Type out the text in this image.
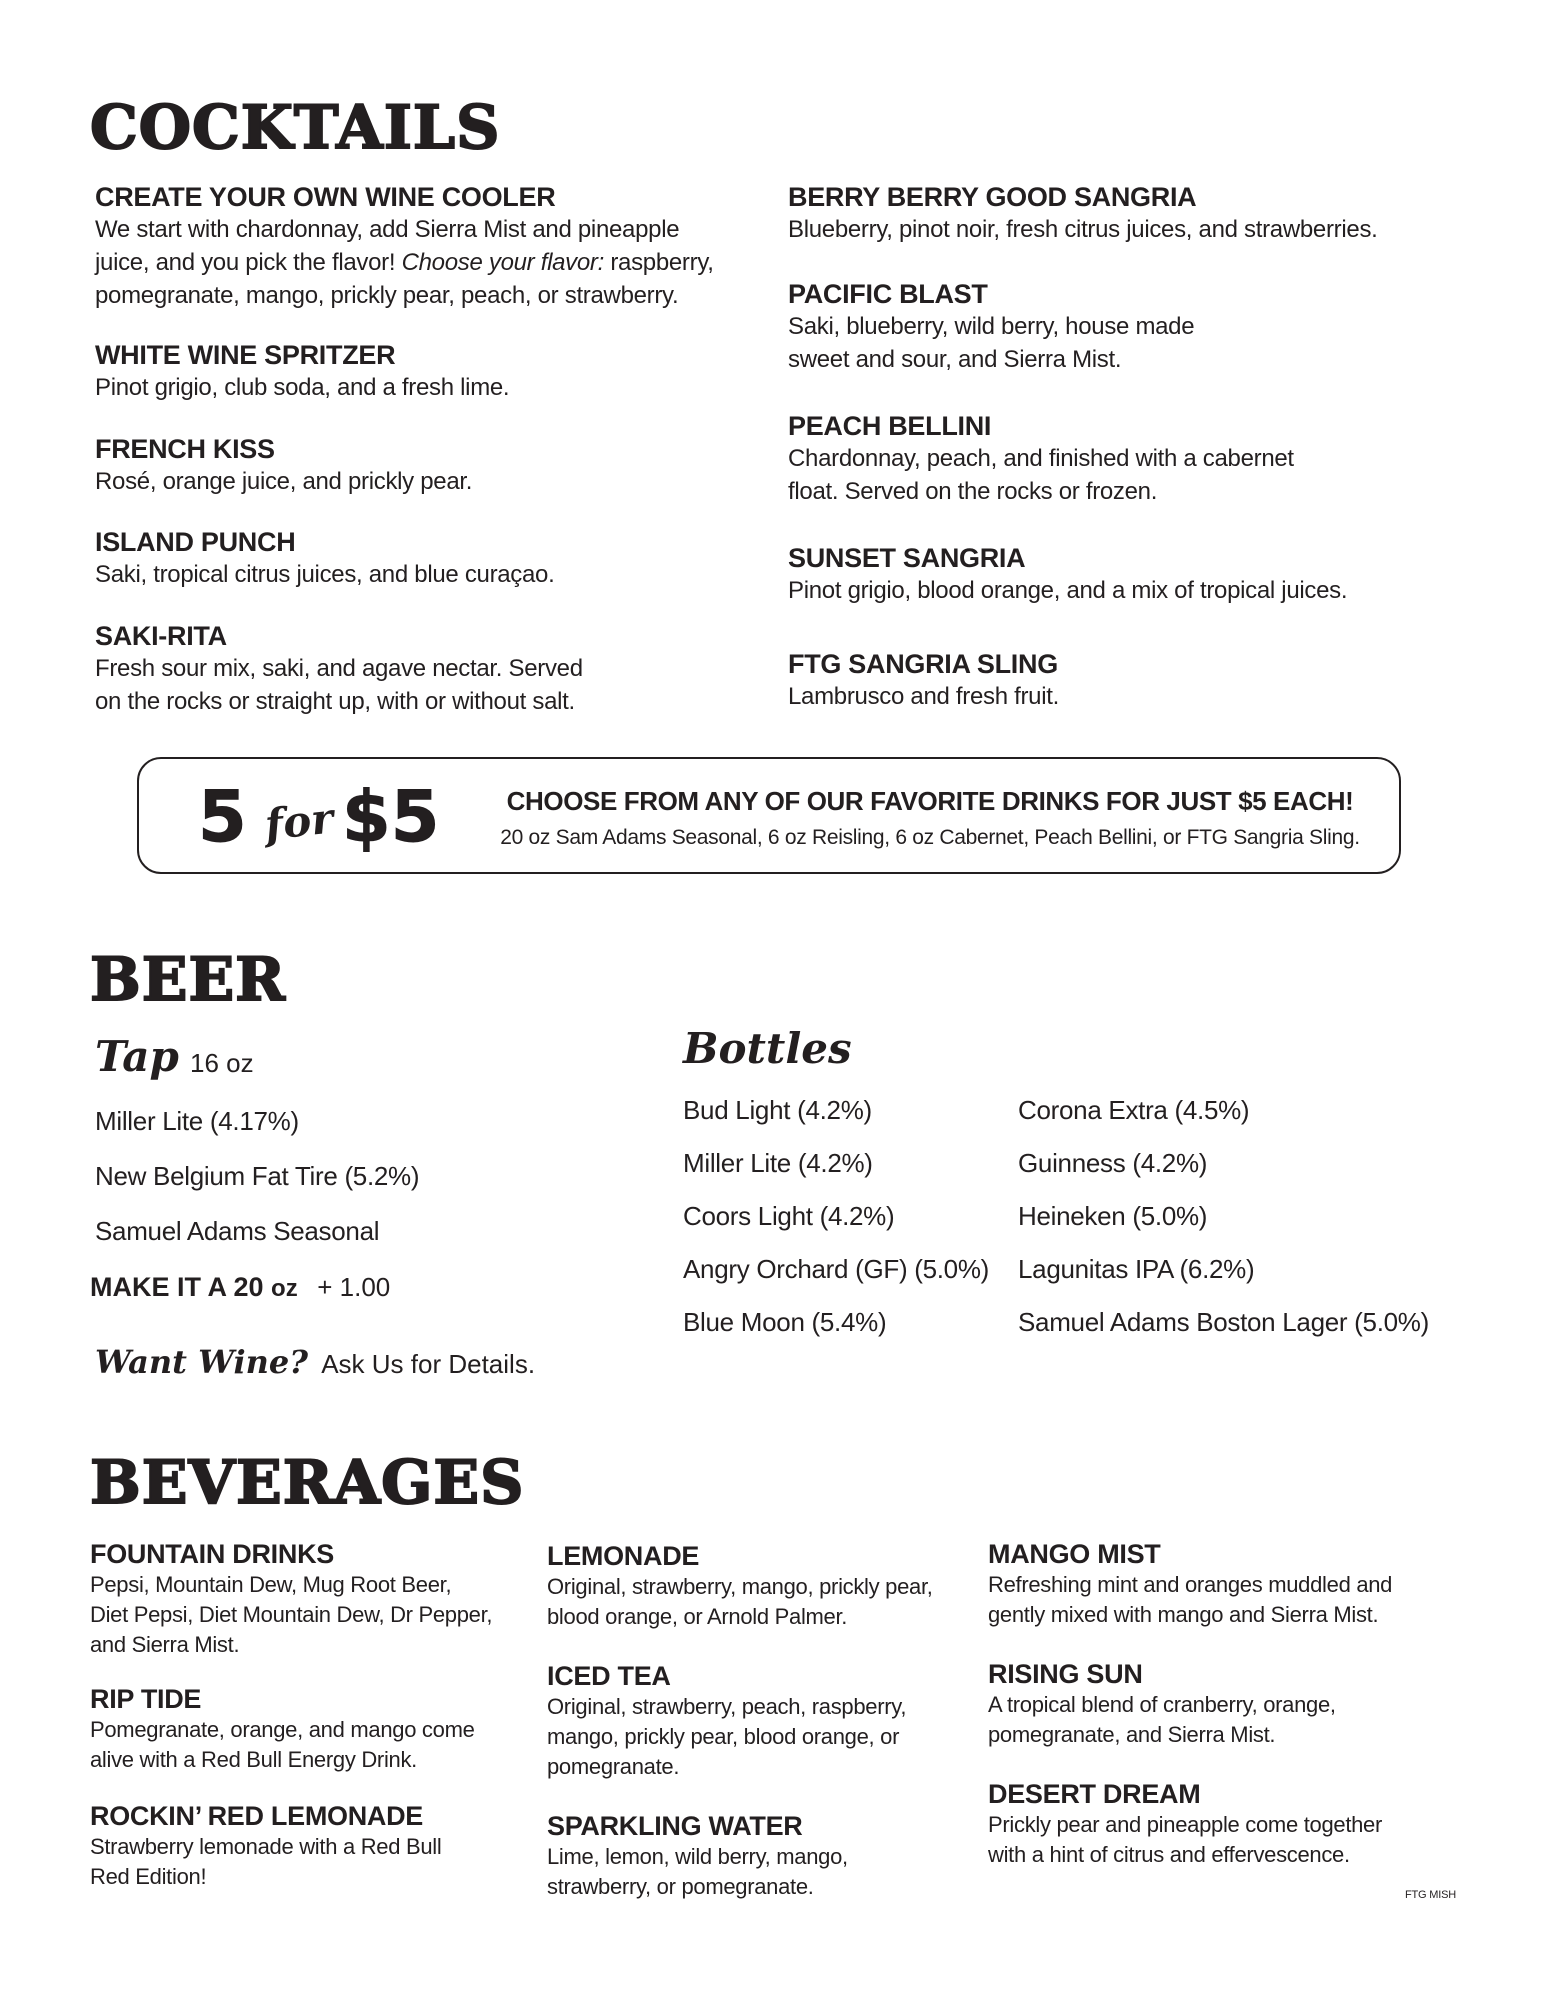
COCKTAILS
CREATE YOUR OWN WINE COOLER
We start with chardonnay, add Sierra Mist and pineapple
juice, and you pick the flavor! Choose your flavor: raspberry,
pomegranate, mango, prickly pear, peach, or strawberry.
WHITE WINE SPRITZER
Pinot grigio, club soda, and a fresh lime.
FRENCH KISS
Rosé, orange juice, and prickly pear.
ISLAND PUNCH
Saki, tropical citrus juices, and blue curaçao.
SAKI-RITA
Fresh sour mix, saki, and agave nectar. Served
on the rocks or straight up, with or without salt.
BERRY BERRY GOOD SANGRIA
Blueberry, pinot noir, fresh citrus juices, and strawberries.
PACIFIC BLAST
Saki, blueberry, wild berry, house made
sweet and sour, and Sierra Mist.
PEACH BELLINI
Chardonnay, peach, and finished with a cabernet
float. Served on the rocks or frozen.
SUNSET SANGRIA
Pinot grigio, blood orange, and a mix of tropical juices.
FTG SANGRIA SLING
Lambrusco and fresh fruit.
5 for $5	CHOOSE FROM ANY OF OUR FAVORITE DRINKS FOR JUST $5 EACH!
20 oz Sam Adams Seasonal, 6 oz Reisling, 6 oz Cabernet, Peach Bellini, or FTG Sangria Sling.
BEER
Tap 16 oz
Miller Lite (4.17%)
New Belgium Fat Tire (5.2%)
Samuel Adams Seasonal
MAKE IT A 20 oz + 1.00
Want Wine? Ask Us for Details.
Bottles
Bud Light (4.2%)
Miller Lite (4.2%)
Coors Light (4.2%)
Angry Orchard (GF) (5.0%)
Blue Moon (5.4%)
Corona Extra (4.5%)
Guinness (4.2%)
Heineken (5.0%)
Lagunitas IPA (6.2%)
Samuel Adams Boston Lager (5.0%)
BEVERAGES
FOUNTAIN DRINKS
Pepsi, Mountain Dew, Mug Root Beer,
Diet Pepsi, Diet Mountain Dew, Dr Pepper,
and Sierra Mist.
RIP TIDE
Pomegranate, orange, and mango come
alive with a Red Bull Energy Drink.
ROCKIN’ RED LEMONADE
Strawberry lemonade with a Red Bull
Red Edition!
LEMONADE
Original, strawberry, mango, prickly pear,
blood orange, or Arnold Palmer.
ICED TEA
Original, strawberry, peach, raspberry,
mango, prickly pear, blood orange, or
pomegranate.
SPARKLING WATER
Lime, lemon, wild berry, mango,
strawberry, or pomegranate.
MANGO MIST
Refreshing mint and oranges muddled and
gently mixed with mango and Sierra Mist.
RISING SUN
A tropical blend of cranberry, orange,
pomegranate, and Sierra Mist.
DESERT DREAM
Prickly pear and pineapple come together
with a hint of citrus and effervescence.
FTG MISH
